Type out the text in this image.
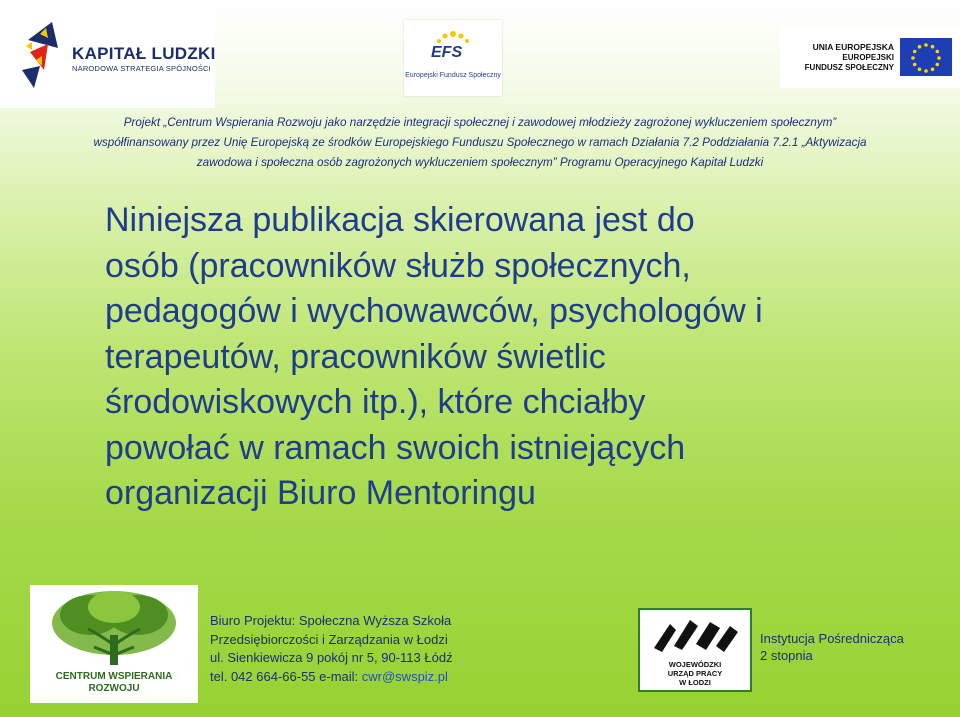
KAPITAŁ LUDZKI
NARODOWA STRATEGIA SPÓJNOŚCI
EFS
Europejski Fundusz Społeczny
UNIA EUROPEJSKA
EUROPEJSKI
FUNDUSZ SPOŁECZNY
Projekt „Centrum Wspierania Rozwoju jako narzędzie integracji społecznej i zawodowej młodzieży zagrożonej wykluczeniem społecznym”
współfinansowany przez Unię Europejską ze środków Europejskiego Funduszu Społecznego w ramach Działania 7.2 Poddziałania 7.2.1 „Aktywizacja
zawodowa i społeczna osób zagrożonych wykluczeniem społecznym” Programu Operacyjnego Kapitał Ludzki
Niniejsza publikacja skierowana jest do
osób (pracowników służb społecznych,
pedagogów i wychowawców, psychologów i
terapeutów, pracowników świetlic
środowiskowych itp.), które chciałby
powołać w ramach swoich istniejących
organizacji Biuro Mentoringu
CENTRUM WSPIERANIA
ROZWOJU
Biuro Projektu: Społeczna Wyższa Szkoła
Przedsiębiorczości i Zarządzania w Łodzi
ul. Sienkiewicza 9 pokój nr 5, 90-113 Łódź
tel. 042 664-66-55 e-mail: cwr@swspiz.pl
WOJEWÓDZKI
URZĄD PRACY
W ŁODZI
Instytucja Pośrednicząca
2 stopnia
